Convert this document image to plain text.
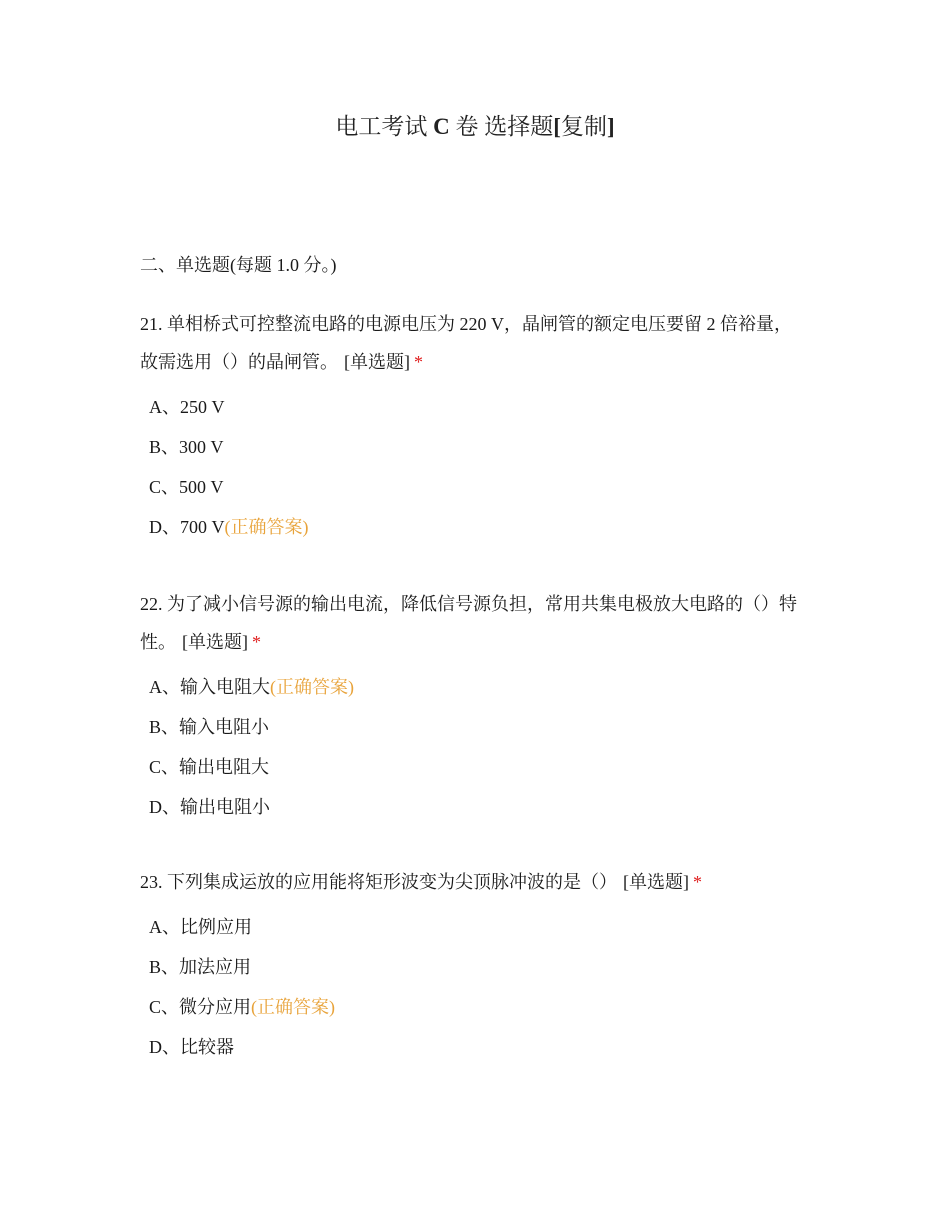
电工考试 C 卷 选择题[复制]
二、单选题(每题 1.0 分。)
21. 单相桥式可控整流电路的电源电压为 220 V，晶闸管的额定电压要留 2 倍裕量，故需选用（）的晶闸管。 [单选题] *
A、250 V
B、300 V
C、500 V
D、700 V(正确答案)
22. 为了减小信号源的输出电流，降低信号源负担，常用共集电极放大电路的（）特性。 [单选题] *
A、输入电阻大(正确答案)
B、输入电阻小
C、输出电阻大
D、输出电阻小
23. 下列集成运放的应用能将矩形波变为尖顶脉冲波的是（） [单选题] *
A、比例应用
B、加法应用
C、微分应用(正确答案)
D、比较器
